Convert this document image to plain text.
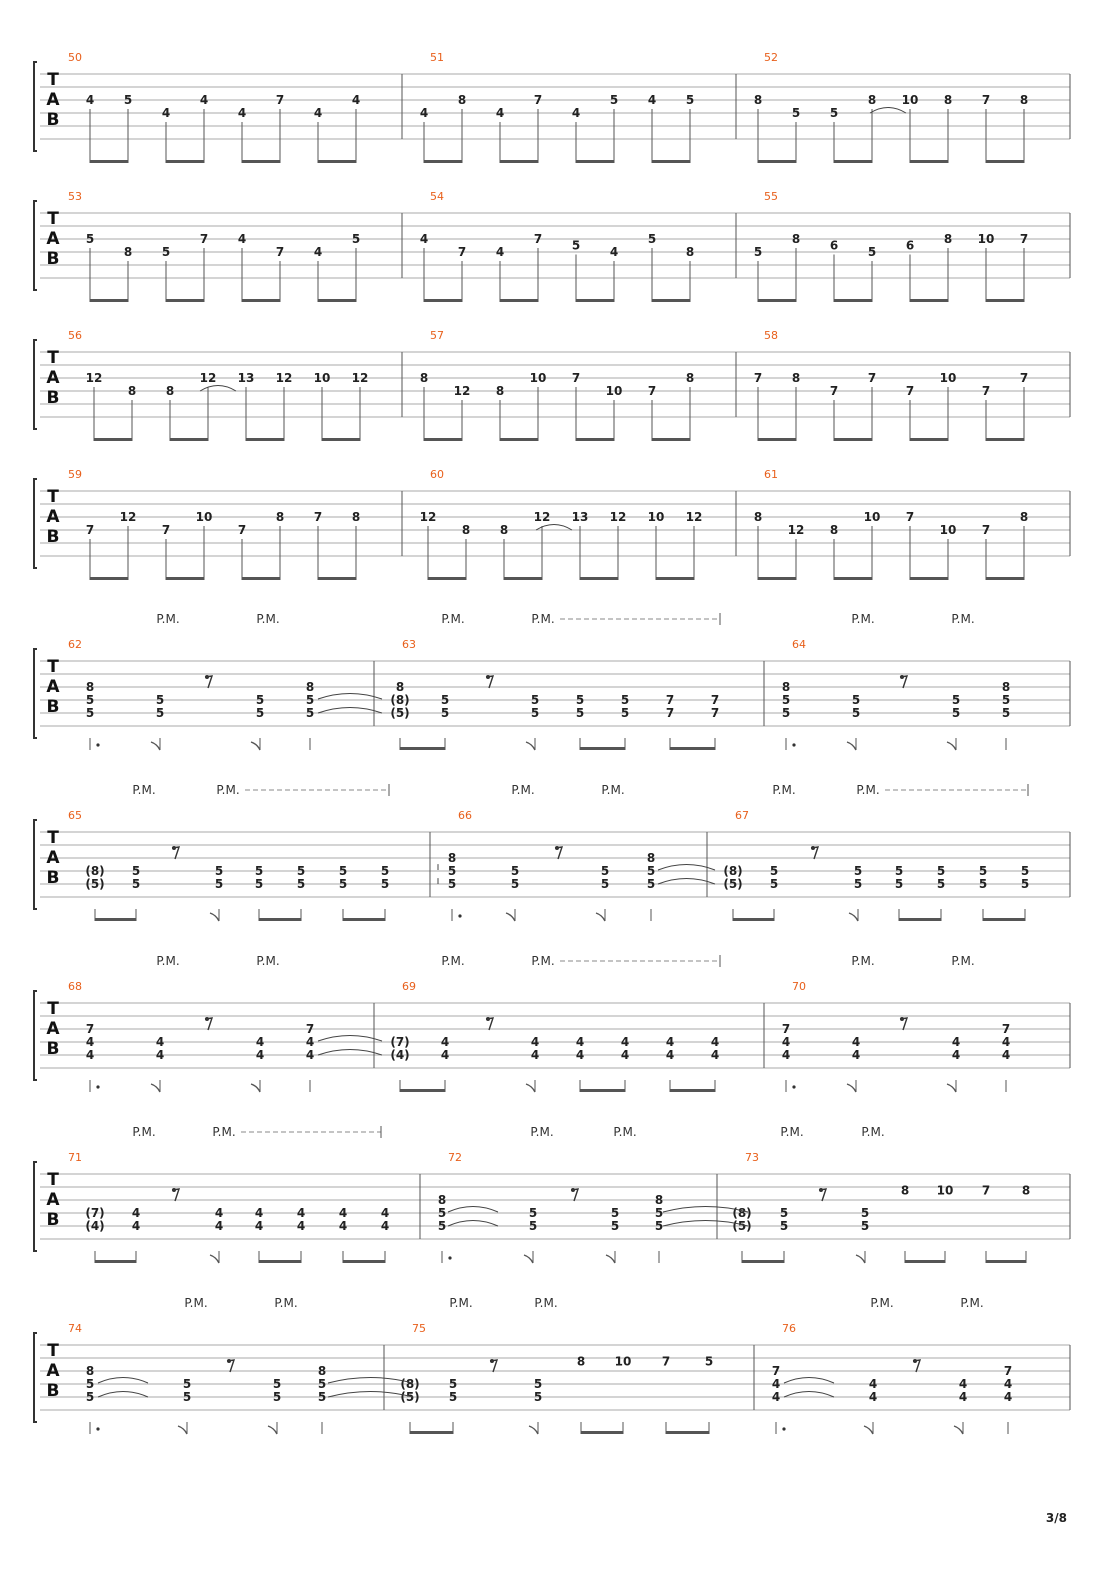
T
A
B
50
4 5
4
4
4
7
4
4
51
4
8
4
7
4
5 4 5
52
8
5 5
8 10 8 7 8
T
A
B
53
5
8 5
7 4
7 4
5
54
4
7 4
7 5 4
5
8
55
5
8 6 5 6 8 10 7
T
A
B
56
12
8 8
12 13 12 10 12
57
8
12 8
10 7
10 7
8
58
7 8
7
7
7
10
7
7
T
A
B
59
7
12
7
10
7
8 7 8
60
12
8 8
12 13 12 10 12
61
8
12 8
10 7
10 7
8
T
A
B
P.M.	P.M.	P.M.	P.M.	P.M.	P.M.
62
8
5
5
5
5
5
5
8
5
5
63
8
(8)
(5)
5
5
5
5
5
5
5
5
7
7
7
7
64
8
5
5
5
5
5
5
8
5
5
T
A
B
P.M.	P.M.	P.M.	P.M.	P.M.	P.M.
65
(8)
(5)
5
5
5
5
5
5
5
5
5
5
5
5
66
8
5
5
5
5
5
5
8
5
5
67
(8)
(5)
5
5
5
5
5
5
5
5
5
5
5
5
T
A
B
P.M.	P.M.	P.M.	P.M.	P.M.	P.M.
68
7
4
4
4
4
4
4
7
4
4
69
(7)
(4)
4
4
4
4
4
4
4
4
4
4
4
4
70
7
4
4
4
4
4
4
7
4
4
T
A
B
P.M.	P.M.	P.M.	P.M.	P.M.	P.M.
71
(7)
(4)
4
4
4
4
4
4
4
4
4
4
4
4
72
8
5
5
5
5
5
5
8
5
5
73
(8)
(5)
5
5
5
5
8 10 7	8
T
A
B
P.M.	P.M.	P.M.	P.M.	P.M.	P.M.
74
8
5
5
5
5
5
5
8
5
5
75
(8)
(5)
5
5
5
5
8 10	7	5
76
7
4
4
4
4
4
4
7
4
4
3/8
